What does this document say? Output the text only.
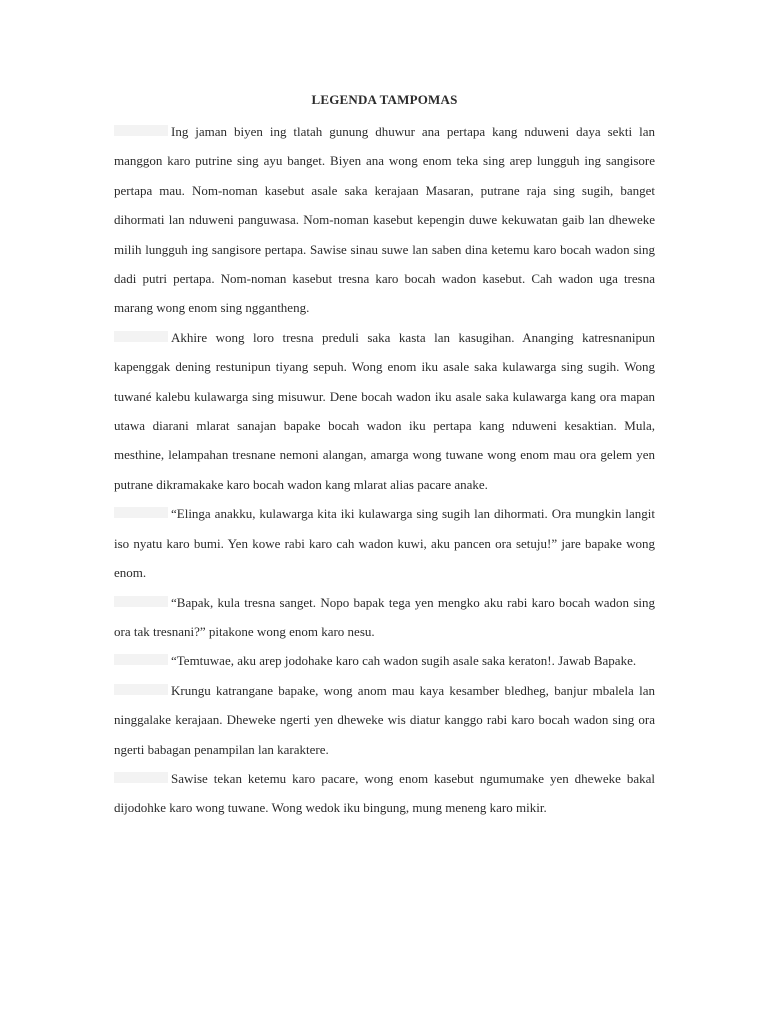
LEGENDA TAMPOMAS

Ing jaman biyen ing tlatah gunung dhuwur ana pertapa kang nduweni daya sekti lan manggon karo putrine sing ayu banget. Biyen ana wong enom teka sing arep lungguh ing sangisore pertapa mau. Nom-noman kasebut asale saka kerajaan Masaran, putrane raja sing sugih, banget dihormati lan nduweni panguwasa. Nom-noman kasebut kepengin duwe kekuwatan gaib lan dheweke milih lungguh ing sangisore pertapa. Sawise sinau suwe lan saben dina ketemu karo bocah wadon sing dadi putri pertapa. Nom-noman kasebut tresna karo bocah wadon kasebut. Cah wadon uga tresna marang wong enom sing nggantheng.

Akhire wong loro tresna preduli saka kasta lan kasugihan. Ananging katresnanipun kapenggak dening restunipun tiyang sepuh. Wong enom iku asale saka kulawarga sing sugih. Wong tuwané kalebu kulawarga sing misuwur. Dene bocah wadon iku asale saka kulawarga kang ora mapan utawa diarani mlarat sanajan bapake bocah wadon iku pertapa kang nduweni kesaktian. Mula, mesthine, lelampahan tresnane nemoni alangan, amarga wong tuwane wong enom mau ora gelem yen putrane dikramakake karo bocah wadon kang mlarat alias pacare anake.

“Elinga anakku, kulawarga kita iki kulawarga sing sugih lan dihormati. Ora mungkin langit iso nyatu karo bumi. Yen kowe rabi karo cah wadon kuwi, aku pancen ora setuju!” jare bapake wong enom.

“Bapak, kula tresna sanget. Nopo bapak tega yen mengko aku rabi karo bocah wadon sing ora tak tresnani?” pitakone wong enom karo nesu.

“Temtuwae, aku arep jodohake karo cah wadon sugih asale saka keraton!. Jawab Bapake.

Krungu katrangane bapake, wong anom mau kaya kesamber bledheg, banjur mbalela lan ninggalake kerajaan. Dheweke ngerti yen dheweke wis diatur kanggo rabi karo bocah wadon sing ora ngerti babagan penampilan lan karaktere.

Sawise tekan ketemu karo pacare, wong enom kasebut ngumumake yen dheweke bakal dijodohke karo wong tuwane. Wong wedok iku bingung, mung meneng karo mikir.
